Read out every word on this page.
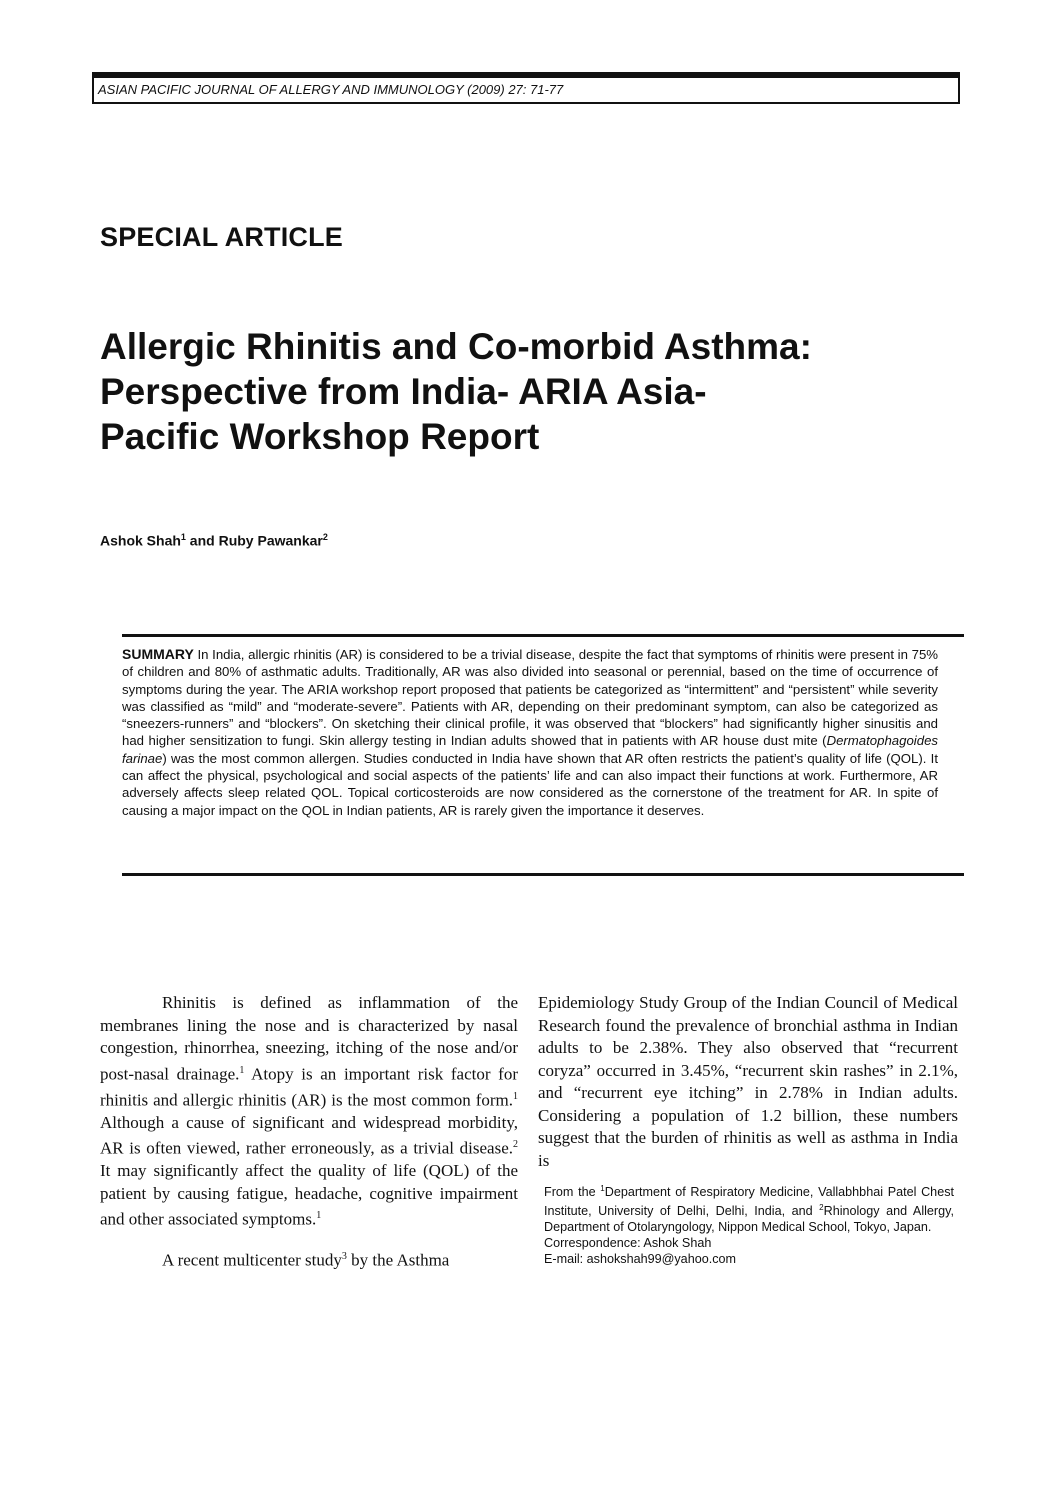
ASIAN PACIFIC JOURNAL OF ALLERGY AND IMMUNOLOGY (2009) 27: 71-77
SPECIAL ARTICLE
Allergic Rhinitis and Co-morbid Asthma:
Perspective from India- ARIA Asia-
Pacific Workshop Report
Ashok Shah$^1$ and Ruby Pawankar$^2$

SUMMARY In India, allergic rhinitis (AR) is considered to be a trivial disease, despite the fact that symptoms of rhinitis were present in 75% of children and 80% of asthmatic adults. Traditionally, AR was also divided into seasonal or perennial, based on the time of occurrence of symptoms during the year. The ARIA workshop report proposed that patients be categorized as “intermittent” and “persistent” while severity was classified as “mild” and “moderate-severe”. Patients with AR, depending on their predominant symptom, can also be categorized as “sneezers-runners” and “blockers”. On sketching their clinical profile, it was observed that “blockers” had significantly higher sinusitis and had higher sensitization to fungi. Skin allergy testing in Indian adults showed that in patients with AR house dust mite (Dermatophagoides farinae) was the most common allergen. Studies conducted in India have shown that AR often restricts the patient’s quality of life (QOL). It can affect the physical, psychological and social aspects of the patients’ life and can also impact their functions at work. Furthermore, AR adversely affects sleep related QOL. Topical corticosteroids are now considered as the cornerstone of the treatment for AR. In spite of causing a major impact on the QOL in Indian patients, AR is rarely given the importance it deserves.

Rhinitis is defined as inflammation of the membranes lining the nose and is characterized by nasal congestion, rhinorrhea, sneezing, itching of the nose and/or post-nasal drainage.$^1$ Atopy is an important risk factor for rhinitis and allergic rhinitis (AR) is the most common form.$^1$ Although a cause of significant and widespread morbidity, AR is often viewed, rather erroneously, as a trivial disease.$^2$ It may significantly affect the quality of life (QOL) of the patient by causing fatigue, headache, cognitive impairment and other associated symptoms.$^1$

A recent multicenter study$^3$ by the Asthma

Epidemiology Study Group of the Indian Council of Medical Research found the prevalence of bronchial asthma in Indian adults to be 2.38%. They also observed that “recurrent coryza” occurred in 3.45%, “recurrent skin rashes” in 2.1%, and “recurrent eye itching” in 2.78% in Indian adults. Considering a population of 1.2 billion, these numbers suggest that the burden of rhinitis as well as asthma in India is

From the $^1$Department of Respiratory Medicine, Vallabhbhai Patel Chest Institute, University of Delhi, Delhi, India, and $^2$Rhinology and Allergy, Department of Otolaryngology, Nippon Medical School, Tokyo, Japan.

Correspondence: Ashok Shah

E-mail: ashokshah99@yahoo.com
